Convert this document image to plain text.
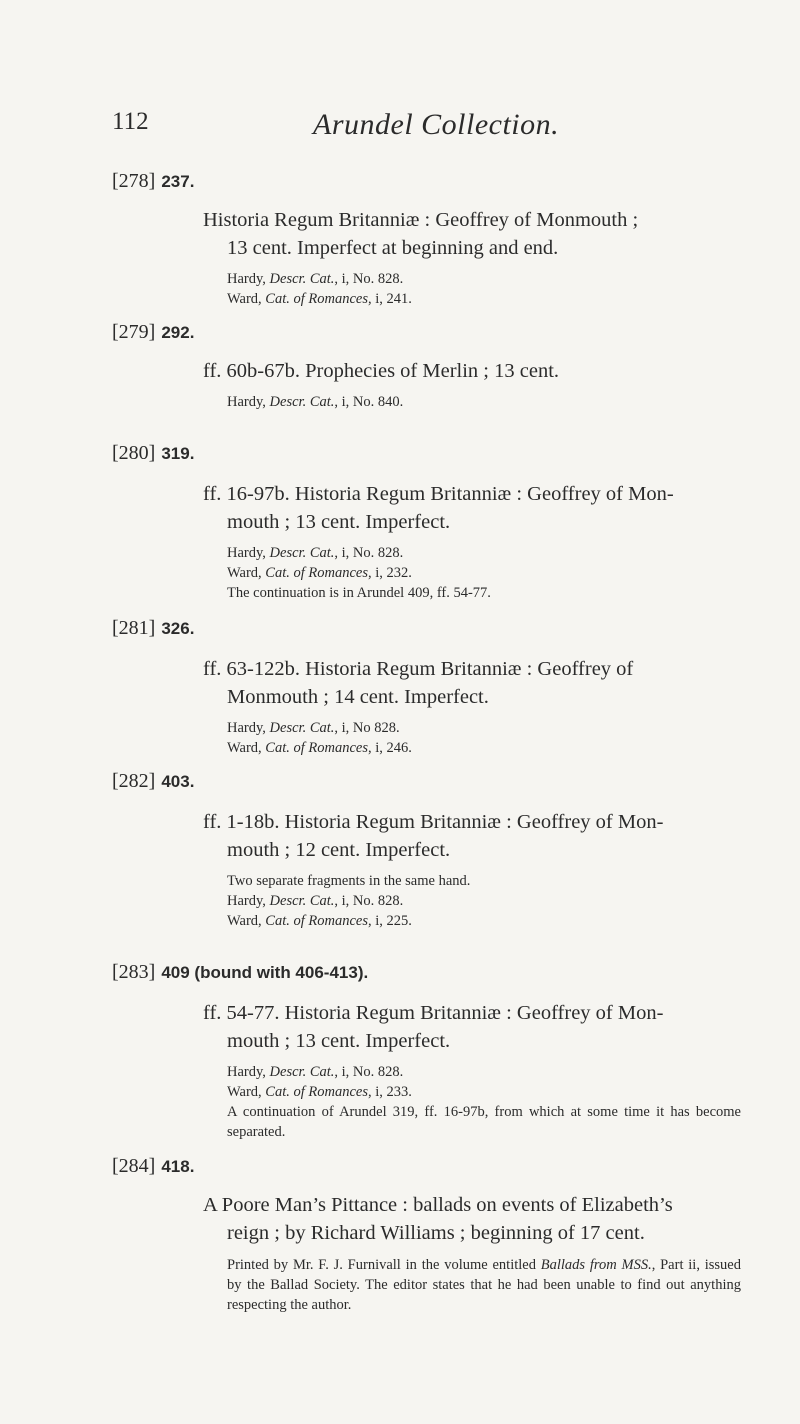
112	Arundel Collection.
[278] 237.
Historia Regum Britanniæ : Geoffrey of Monmouth ;
13 cent. Imperfect at beginning and end.
Hardy, Descr. Cat., i, No. 828.
Ward, Cat. of Romances, i, 241.
[279] 292.
ff. 60b-67b. Prophecies of Merlin ; 13 cent.
Hardy, Descr. Cat., i, No. 840.
[280] 319.
ff. 16-97b. Historia Regum Britanniæ : Geoffrey of Mon-
mouth ; 13 cent. Imperfect.
Hardy, Descr. Cat., i, No. 828.
Ward, Cat. of Romances, i, 232.
The continuation is in Arundel 409, ff. 54-77.
[281] 326.
ff. 63-122b. Historia Regum Britanniæ : Geoffrey of
Monmouth ; 14 cent. Imperfect.
Hardy, Descr. Cat., i, No 828.
Ward, Cat. of Romances, i, 246.
[282] 403.
ff. 1-18b. Historia Regum Britanniæ : Geoffrey of Mon-
mouth ; 12 cent. Imperfect.
Two separate fragments in the same hand.
Hardy, Descr. Cat., i, No. 828.
Ward, Cat. of Romances, i, 225.
[283] 409 (bound with 406-413).
ff. 54-77. Historia Regum Britanniæ : Geoffrey of Mon-
mouth ; 13 cent. Imperfect.
Hardy, Descr. Cat., i, No. 828.
Ward, Cat. of Romances, i, 233.
A continuation of Arundel 319, ff. 16-97b, from which at some time it has become separated.
[284] 418.
A Poore Man’s Pittance : ballads on events of Elizabeth’s
reign ; by Richard Williams ; beginning of 17 cent.
Printed by Mr. F. J. Furnivall in the volume entitled Ballads from MSS., Part ii, issued by the Ballad Society. The editor states that he had been unable to find out anything respecting the author.
